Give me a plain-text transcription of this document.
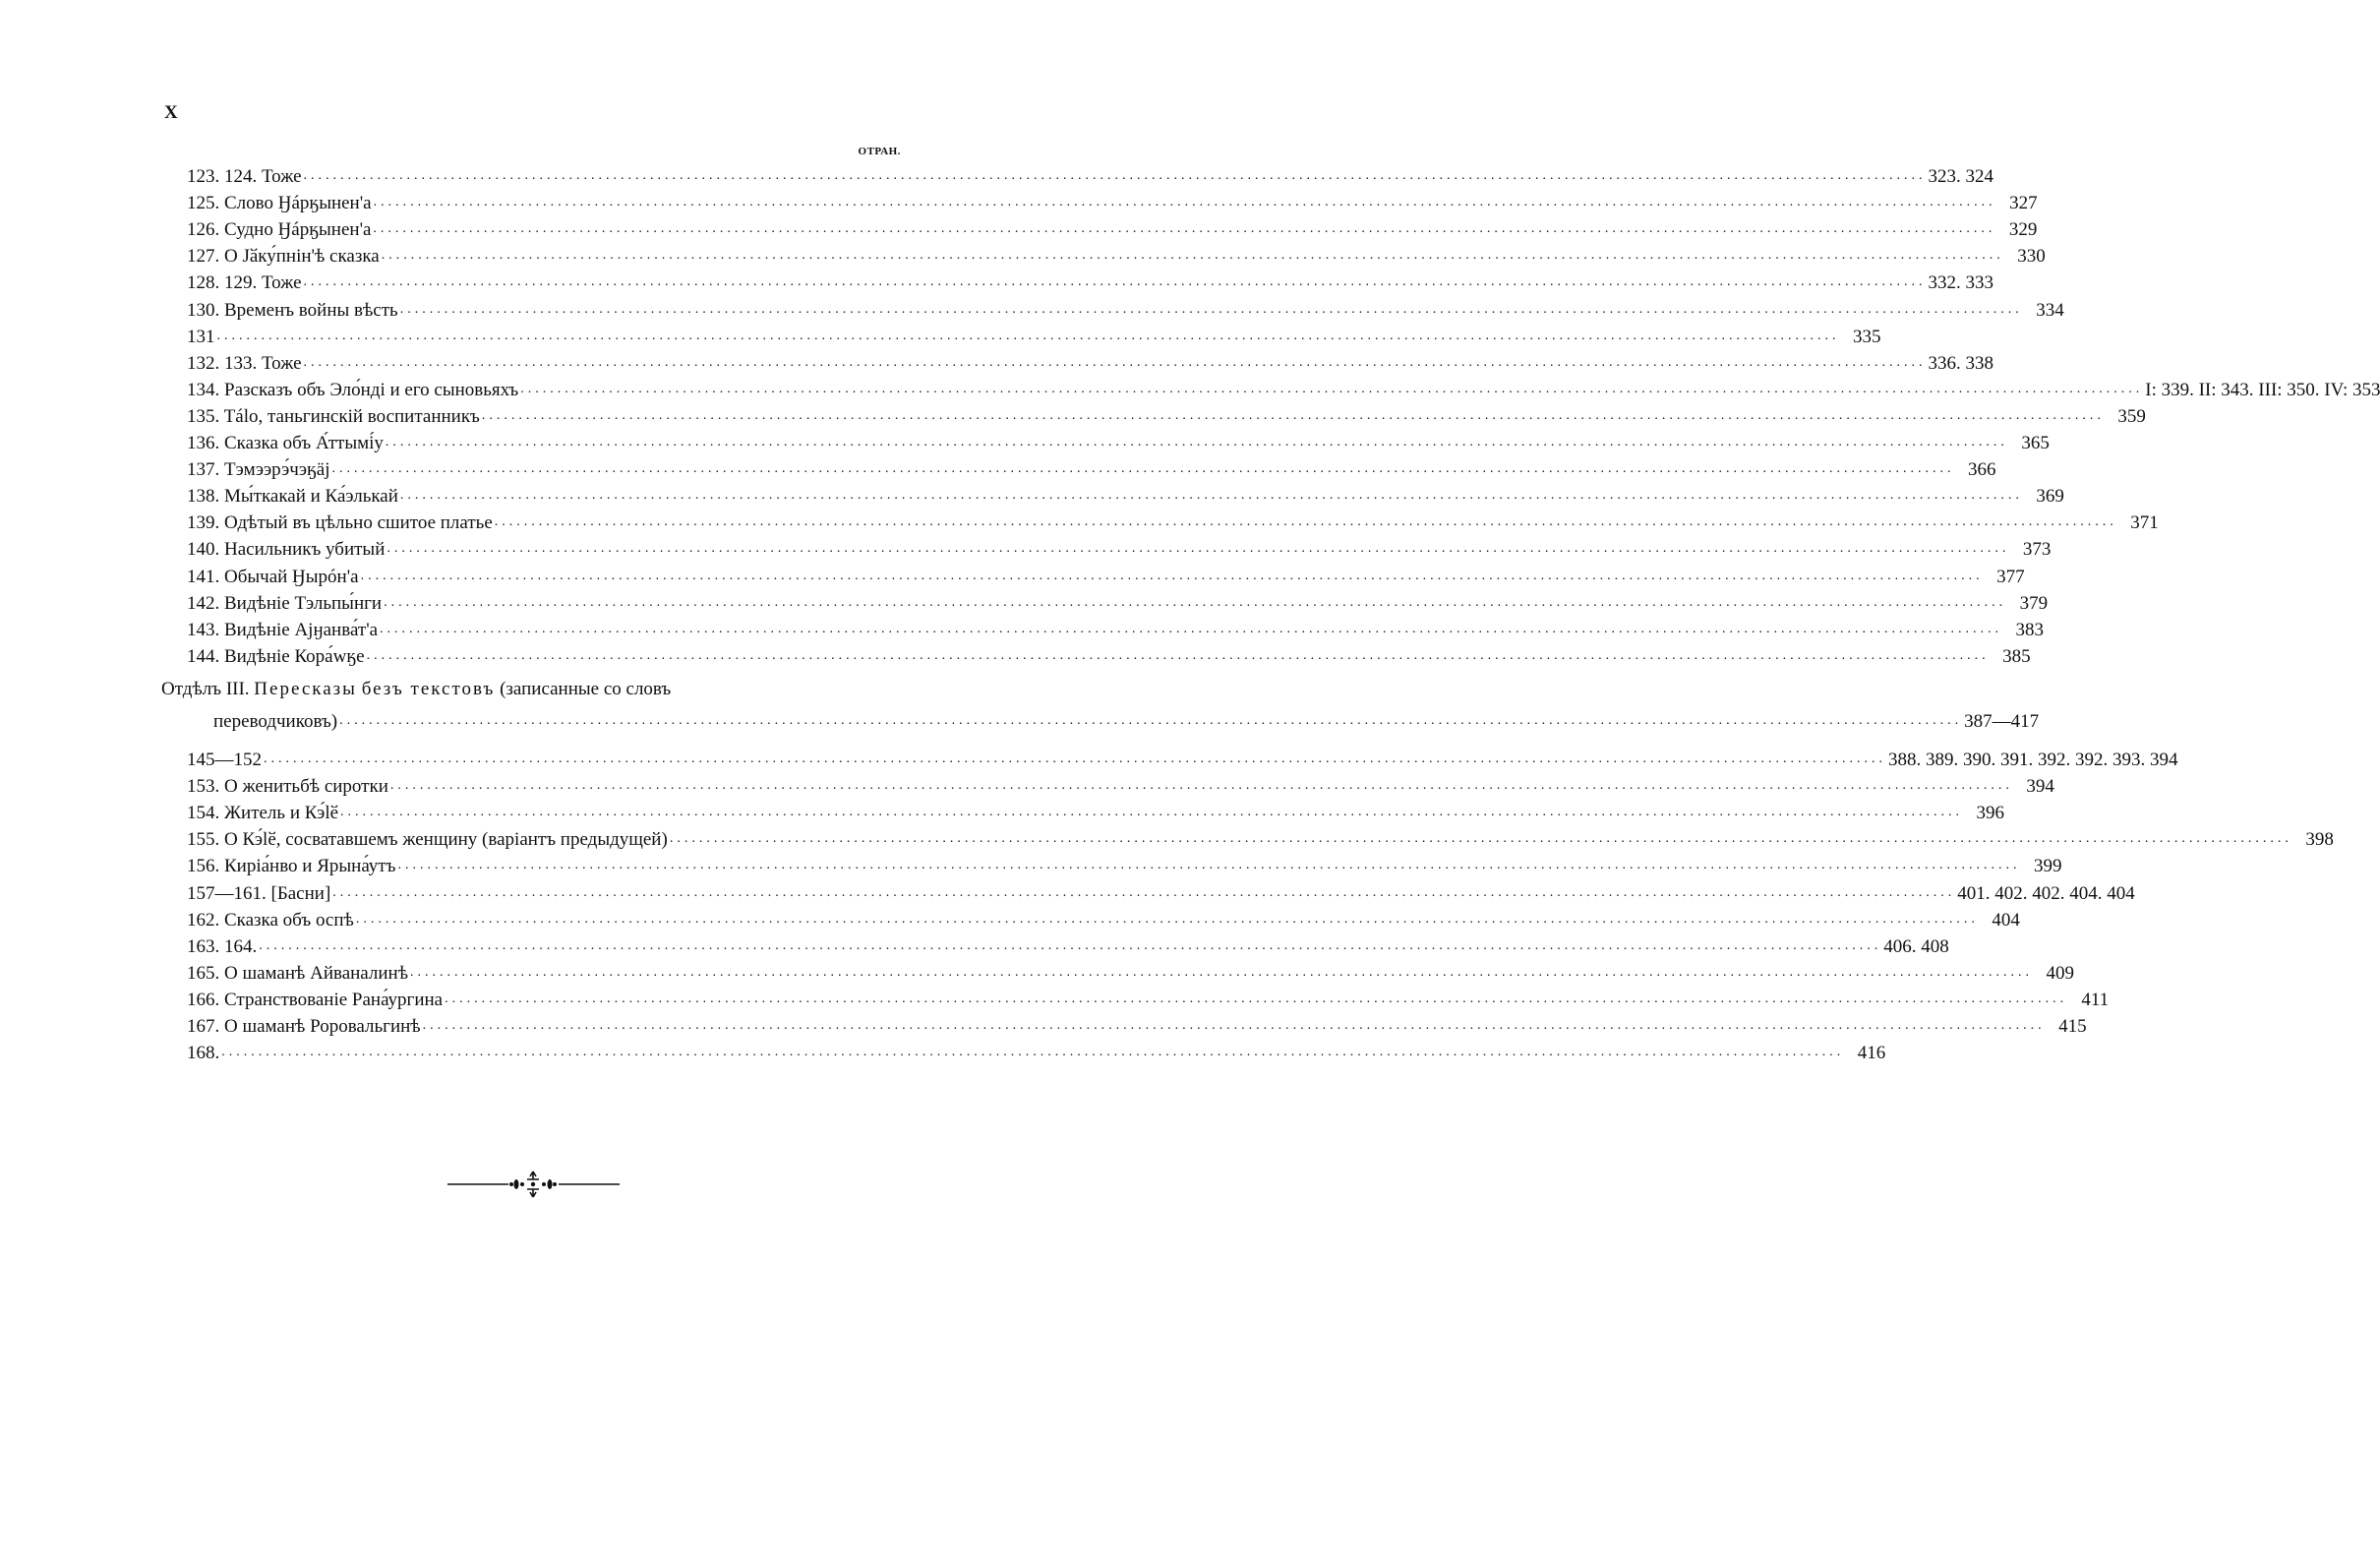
X
ОТРАН.
123. 124. Тоже ............................................................................................................................................................................................................................ 323. 324
125. Слово Ӈáрӄынен'а ............................................................................................................................................................................................................................ 327
126. Судно Ӈáрӄынен'а ............................................................................................................................................................................................................................ 329
127. О Jӑку́пнін'ѣ сказка ............................................................................................................................................................................................................................ 330
128. 129. Тоже ............................................................................................................................................................................................................................ 332. 333
130. Временъ войны вѣсть ............................................................................................................................................................................................................................ 334
131 ............................................................................................................................................................................................................................ 335
132. 133. Тоже ............................................................................................................................................................................................................................ 336. 338
134. Разсказъ объ Эло́ндi и его сыновьяхъ ............................................................................................................................................................................................................................ I: 339. II: 343. III: 350. IV: 353
135. Tálo, таньгинскій воспитанникъ ............................................................................................................................................................................................................................ 359
136. Сказка объ А́ттымі́у ............................................................................................................................................................................................................................ 365
137. Тэмээрэ́чэӄӓj ............................................................................................................................................................................................................................ 366
138. Мы́ткакай и Ка́элькай ............................................................................................................................................................................................................................ 369
139. Одѣтый въ цѣльно сшитое платье ............................................................................................................................................................................................................................ 371
140. Насильникъ убитый ............................................................................................................................................................................................................................ 373
141. Обычай Ӈырóн'а ............................................................................................................................................................................................................................ 377
142. Видѣніе Тэльпы́нги ............................................................................................................................................................................................................................ 379
143. Видѣніе Аjӈанва́т'а ............................................................................................................................................................................................................................ 383
144. Видѣніе Кора́wӄе ............................................................................................................................................................................................................................ 385
Отдѣлъ III. Пересказы безъ текстовъ (записанные со словъ
переводчиковъ) ............................................................................................................................................................................................................................ 387—417
145—152 ............................................................................................................................................................................................................................ 388. 389. 390. 391. 392. 392. 393. 394
153. О женитьбѣ сиротки ............................................................................................................................................................................................................................ 394
154. Житель и Кэ́lӗ ............................................................................................................................................................................................................................ 396
155. О Кэ́lӗ, сосватавшемъ женщину (варіантъ предыдущей) ............................................................................................................................................................................................................................ 398
156. Киріа́нво и Ярына́утъ ............................................................................................................................................................................................................................ 399
157—161. [Басни] ............................................................................................................................................................................................................................ 401. 402. 402. 404. 404
162. Сказка объ оспѣ ............................................................................................................................................................................................................................ 404
163. 164. ............................................................................................................................................................................................................................ 406. 408
165. О шаманѣ Айваналинѣ ............................................................................................................................................................................................................................ 409
166. Странствованіе Рана́ургина ............................................................................................................................................................................................................................ 411
167. О шаманѣ Роровальгинѣ ............................................................................................................................................................................................................................ 415
168. ............................................................................................................................................................................................................................ 416
